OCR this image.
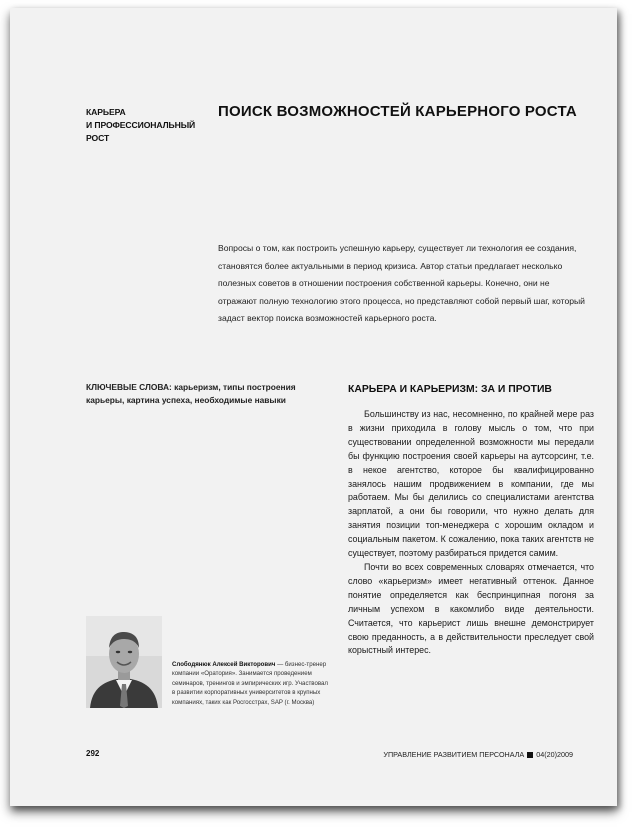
КАРЬЕРА
И ПРОФЕССИОНАЛЬНЫЙ
РОСТ
ПОИСК ВОЗМОЖНОСТЕЙ КАРЬЕРНОГО РОСТА
Вопросы о том, как построить успешную карьеру, существует ли технология ее создания, становятся более актуальными в период кризиса. Автор статьи предлагает несколько полезных советов в отношении построения собственной карьеры. Конечно, они не отражают полную технологию этого процесса, но представляют собой первый шаг, который задаст вектор поиска возможностей карьерного роста.
КЛЮЧЕВЫЕ СЛОВА: карьеризм, типы построения карьеры, картина успеха, необходимые навыки
КАРЬЕРА И КАРЬЕРИЗМ: ЗА И ПРОТИВ

Большинству из нас, несомненно, по крайней мере раз в жизни приходила в голову мысль о том, что при существовании определенной возможности мы передали бы функцию построения своей карьеры на аутсорсинг, т.е. в некое агентство, которое бы квалифицированно занялось нашим продвижением в компании, где мы работаем. Мы бы делились со специалистами агентства зарплатой, а они бы говорили, что нужно делать для занятия позиции топ-менеджера с хорошим окладом и социальным пакетом. К сожалению, пока таких агентств не существует, поэтому разбираться придется самим.

Почти во всех современных словарях отмечается, что слово «карьеризм» имеет негативный оттенок. Данное понятие определяется как беспринципная погоня за личным успехом в какомлибо виде деятельности. Считается, что карьерист лишь внешне демонстрирует свою преданность, а в действительности преследует свой корыстный интерес.

Слободянюк Алексей Викторович — бизнес-тренер компании «Оратория». Занимается проведением семинаров, тренингов и эмпирических игр. Участвовал в развитии корпоративных университетов в крупных компаниях, таких как Росгосстрах, SAP (г. Москва)
292	УПРАВЛЕНИЕ РАЗВИТИЕМ ПЕРСОНАЛА 04(20)2009
